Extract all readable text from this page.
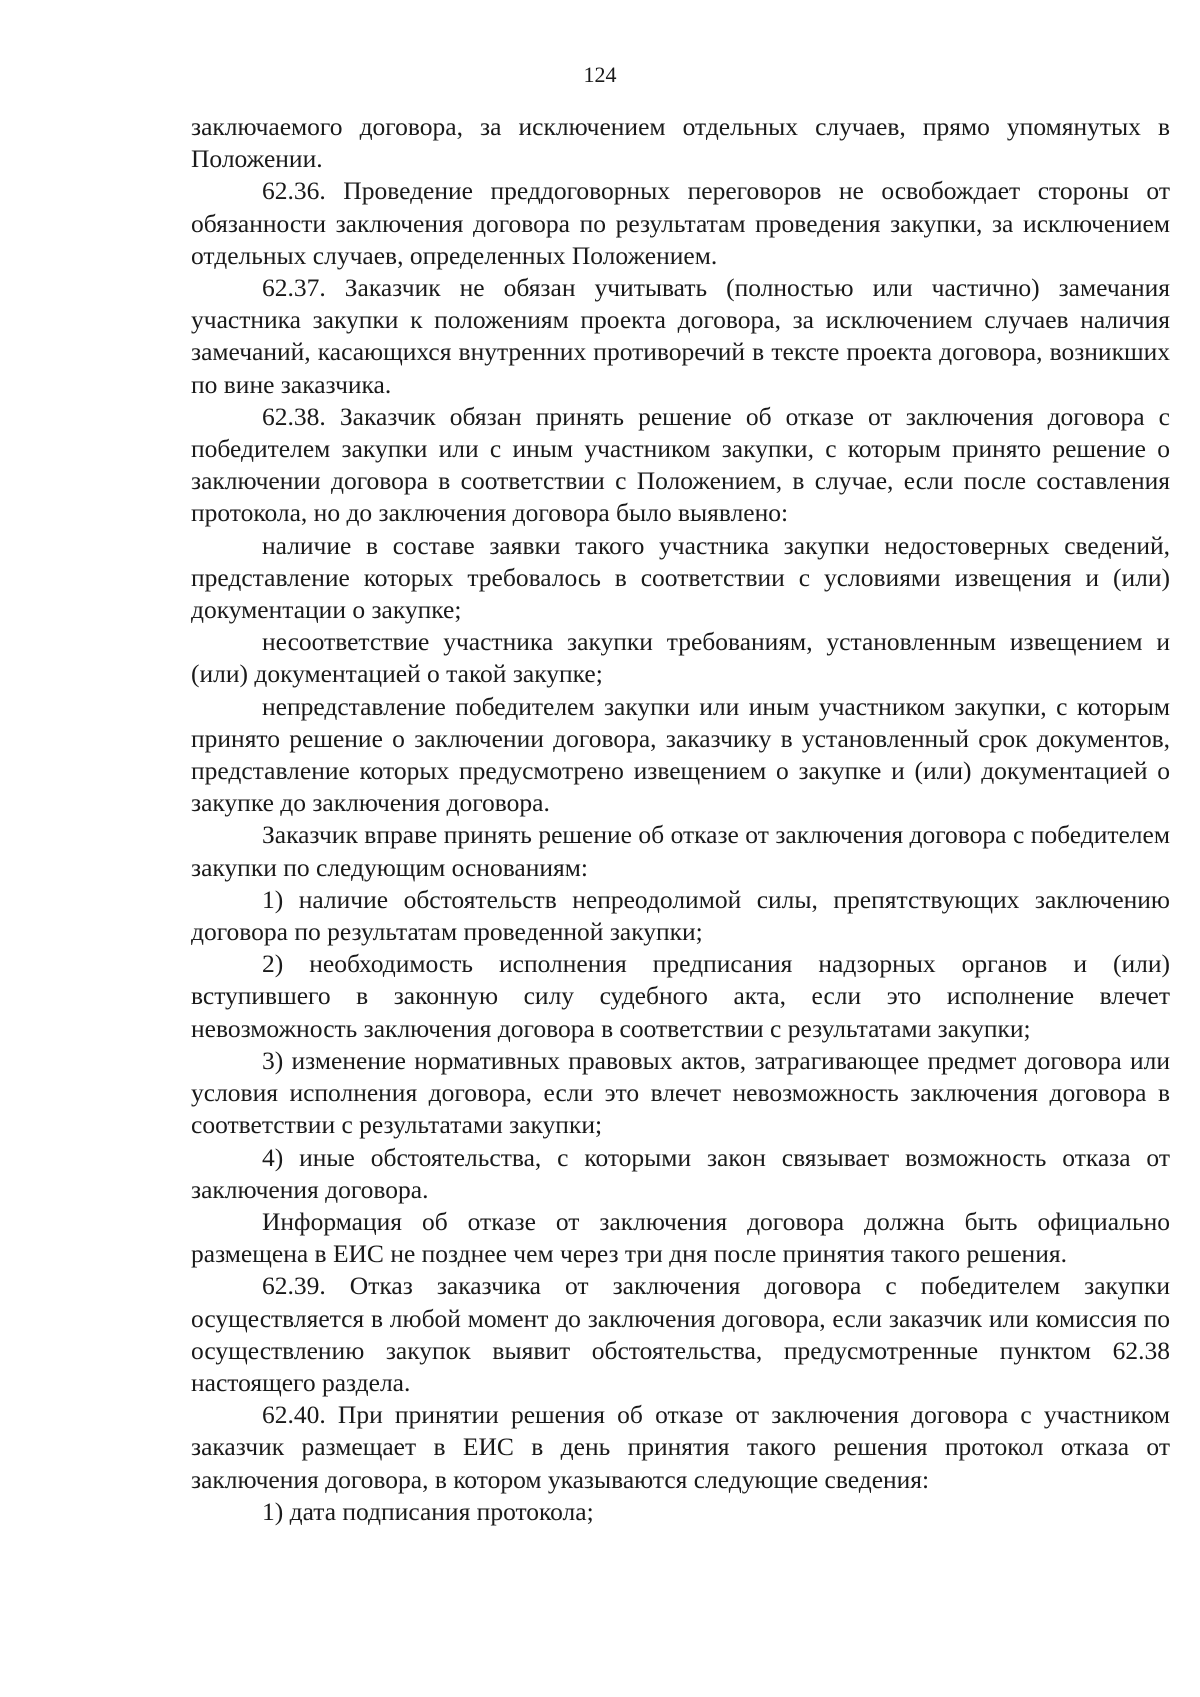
124

заключаемого договора, за исключением отдельных случаев, прямо упомянутых в Положении.

62.36. Проведение преддоговорных переговоров не освобождает стороны от обязанности заключения договора по результатам проведения закупки, за исключением отдельных случаев, определенных Положением.

62.37. Заказчик не обязан учитывать (полностью или частично) замечания участника закупки к положениям проекта договора, за исключением случаев наличия замечаний, касающихся внутренних противоречий в тексте проекта договора, возникших по вине заказчика.

62.38. Заказчик обязан принять решение об отказе от заключения договора с победителем закупки или с иным участником закупки, с которым принято решение о заключении договора в соответствии с Положением, в случае, если после составления протокола, но до заключения договора было выявлено:

наличие в составе заявки такого участника закупки недостоверных сведений, представление которых требовалось в соответствии с условиями извещения и (или) документации о закупке;

несоответствие участника закупки требованиям, установленным извещением и (или) документацией о такой закупке;

непредставление победителем закупки или иным участником закупки, с которым принято решение о заключении договора, заказчику в установленный срок документов, представление которых предусмотрено извещением о закупке и (или) документацией о закупке до заключения договора.

Заказчик вправе принять решение об отказе от заключения договора с победителем закупки по следующим основаниям:

1) наличие обстоятельств непреодолимой силы, препятствующих заключению договора по результатам проведенной закупки;

2) необходимость исполнения предписания надзорных органов и (или) вступившего в законную силу судебного акта, если это исполнение влечет невозможность заключения договора в соответствии с результатами закупки;

3) изменение нормативных правовых актов, затрагивающее предмет договора или условия исполнения договора, если это влечет невозможность заключения договора в соответствии с результатами закупки;

4) иные обстоятельства, с которыми закон связывает возможность отказа от заключения договора.

Информация об отказе от заключения договора должна быть официально размещена в ЕИС не позднее чем через три дня после принятия такого решения.

62.39. Отказ заказчика от заключения договора с победителем закупки осуществляется в любой момент до заключения договора, если заказчик или комиссия по осуществлению закупок выявит обстоятельства, предусмотренные пунктом 62.38 настоящего раздела.

62.40. При принятии решения об отказе от заключения договора с участником заказчик размещает в ЕИС в день принятия такого решения протокол отказа от заключения договора, в котором указываются следующие сведения:

1) дата подписания протокола;
